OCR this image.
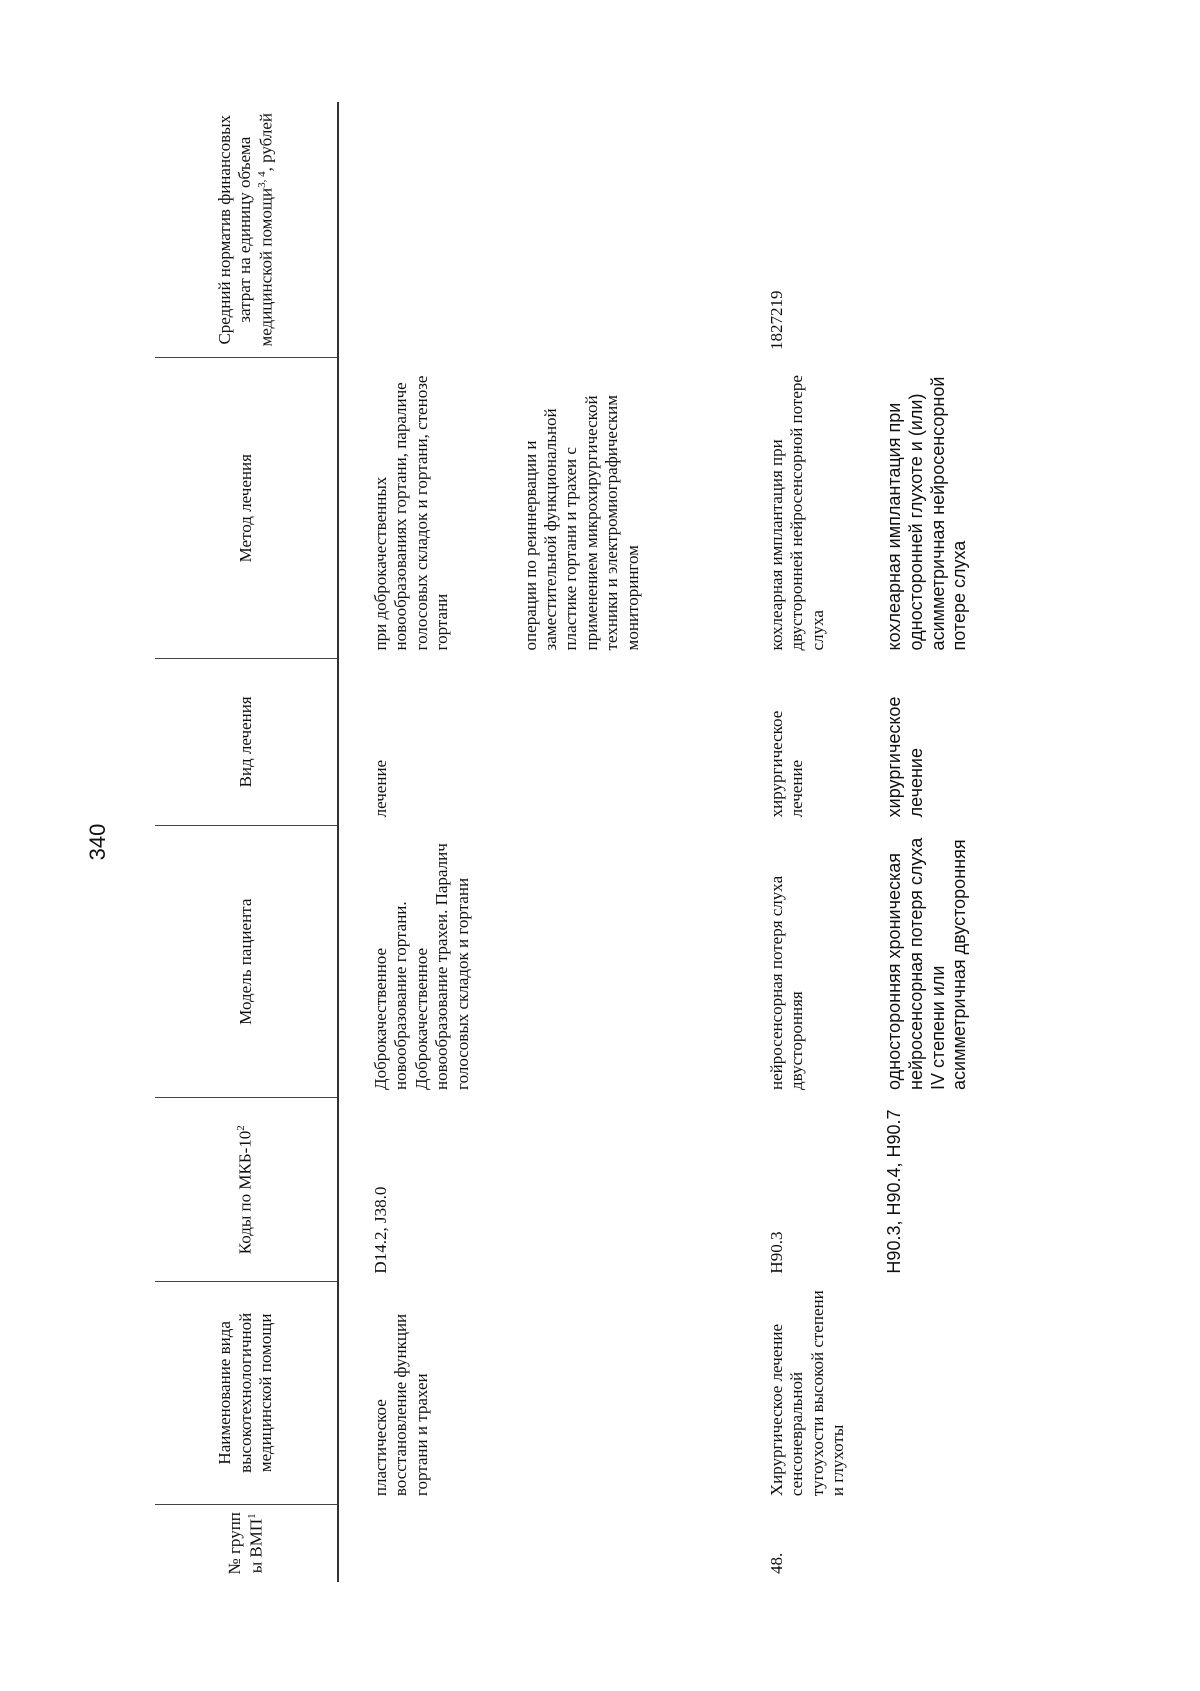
340
№ групп ы ВМП$^1$	Наименование вида высокотехнологичной медицинской помощи	Коды по МКБ-$10^2$	Модель пациента	Вид лечения	Метод лечения	Средний норматив финансовых затрат на единицу объема медицинской помощи$^{3, 4}$, рублей

	пластическое восстановление функции гортани и трахеи	D14.2, J38.0	Доброкачественное новообразование гортани. Доброкачественное новообразование трахеи. Паралич голосовых складок и гортани	лечение	при доброкачественных новообразованиях гортани, параличе голосовых складок и гортани, стенозе гортани операции по реиннервации и заместительной функциональной пластике гортани и трахеи с применением микрохирургической техники и электромиографическим мониторингом	

48.	Хирургическое лечение сенсоневральной тугоухости высокой степени и глухоты	H90.3	нейросенсорная потеря слуха двусторонняя	хирургическое лечение	кохлеарная имплантация при двусторонней нейросенсорной потере слуха	1827219

		H90.3, H90.4, H90.7	односторонняя хроническая нейросенсорная потеря слуха IV степени или асимметричная двусторонняя	хирургическое лечение	кохлеарная имплантация при односторонней глухоте и (или) асимметричная нейросенсорной потере слуха	
